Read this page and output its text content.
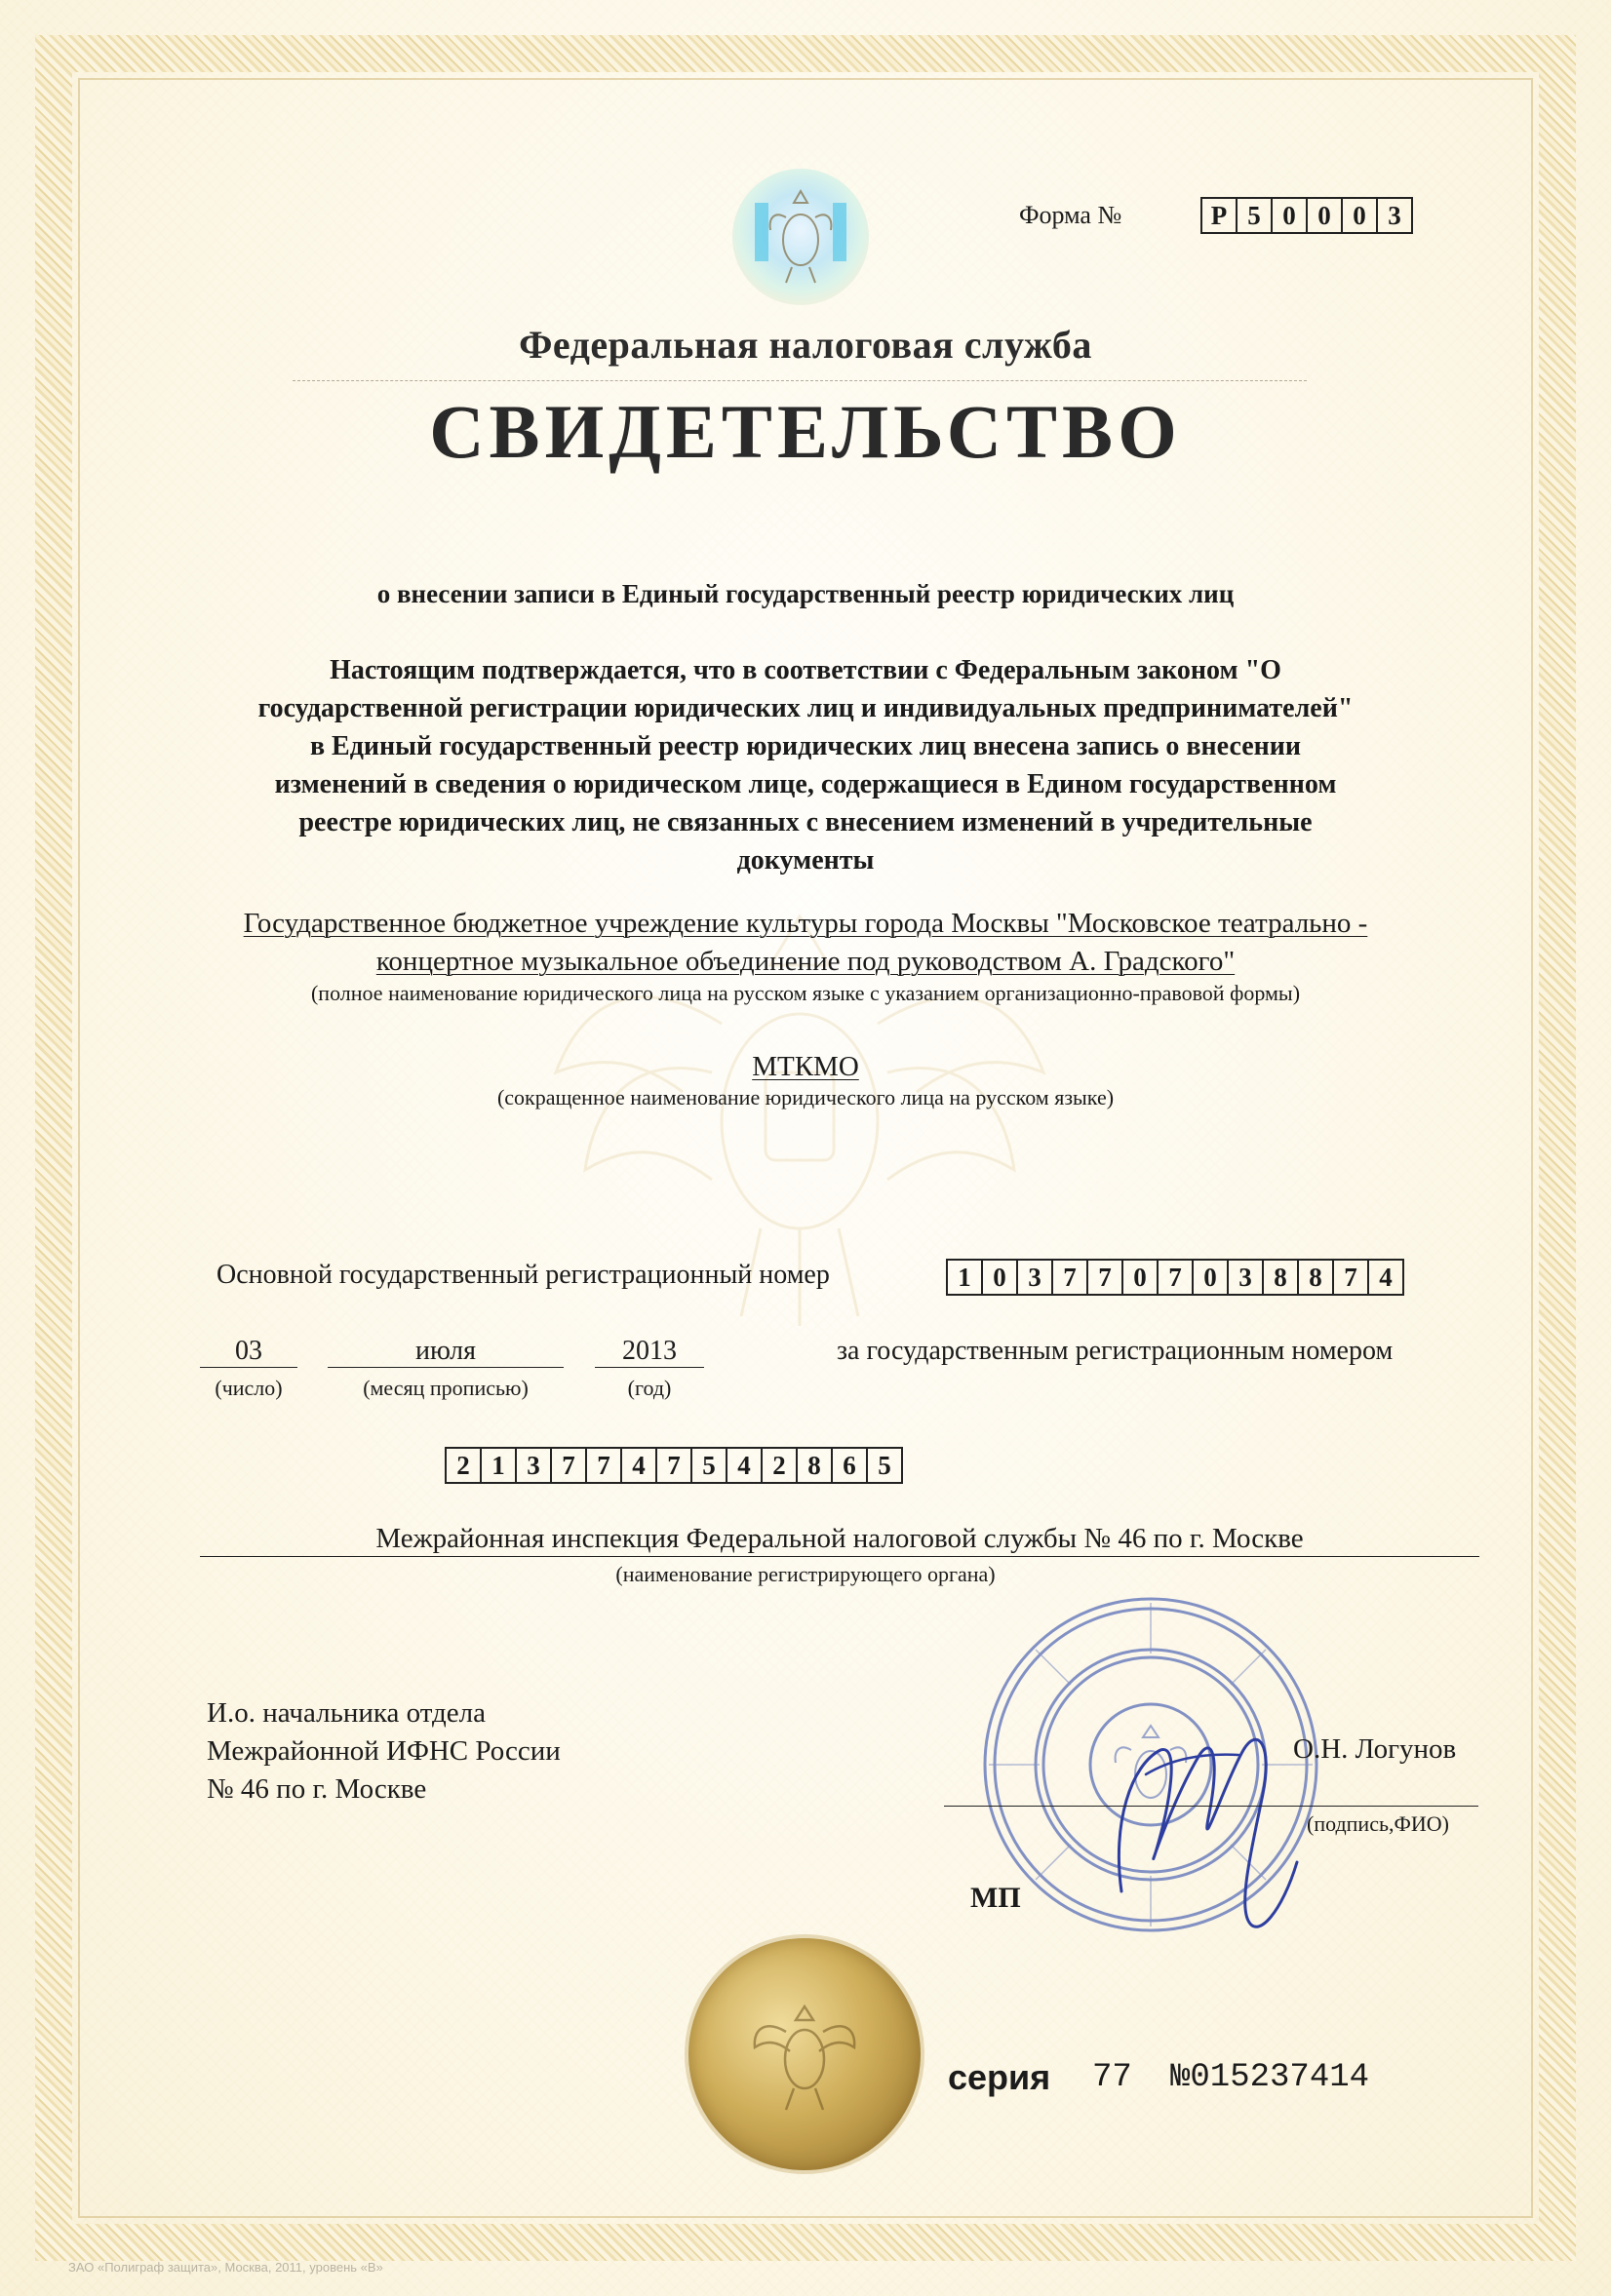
Форма №	Р 5 0 0 0 3
Федеральная налоговая служба
СВИДЕТЕЛЬСТВО
о внесении записи в Единый государственный реестр юридических лиц
Настоящим подтверждается, что в соответствии с Федеральным законом "О
государственной регистрации юридических лиц и индивидуальных предпринимателей"
в Единый государственный реестр юридических лиц внесена запись о внесении
изменений в сведения о юридическом лице, содержащиеся в Едином государственном
реестре юридических лиц, не связанных с внесением изменений в учредительные
документы
Государственное бюджетное учреждение культуры города Москвы "Московское театрально -
концертное музыкальное объединение под руководством А. Градского"
(полное наименование юридического лица на русском языке с указанием организационно-правовой формы)
МТКМО
(сокращенное наименование юридического лица на русском языке)
Основной государственный регистрационный номер	1 0 3 7 7 0 7 0 3 8 8 7 4
03	июля	2013
(число)	(месяц прописью)	(год)
за государственным регистрационным номером
2 1 3 7 7 4 7 5 4 2 8 6 5
Межрайонная инспекция Федеральной налоговой службы № 46 по г. Москве
(наименование регистрирующего органа)
И.о. начальника отдела
Межрайонной ИФНС России
№ 46 по г. Москве
О.Н. Логунов
(подпись,ФИО)
МП
серия 77 №015237414
ЗАО «Полиграф защита», Москва, 2011, уровень «В»
